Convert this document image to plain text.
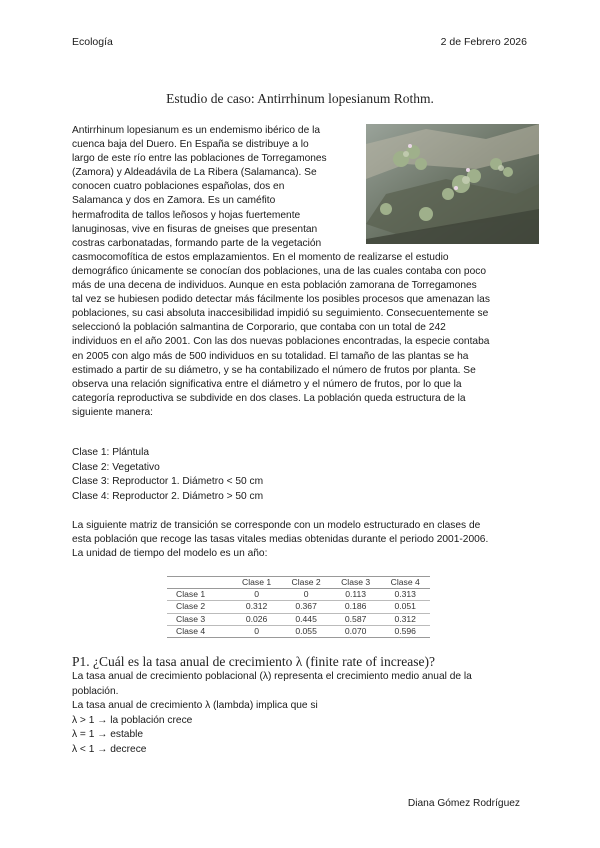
Ecología	2 de Febrero 2026
Estudio de caso: Antirrhinum lopesianum Rothm.
Antirrhinum lopesianum es un endemismo ibérico de la
cuenca baja del Duero. En España se distribuye a lo
largo de este río entre las poblaciones de Torregamones
(Zamora) y Aldeadávila de La Ribera (Salamanca). Se
conocen cuatro poblaciones españolas, dos en
Salamanca y dos en Zamora. Es un caméfito
hermafrodita de tallos leñosos y hojas fuertemente
lanuginosas, vive en fisuras de gneises que presentan
costras carbonatadas, formando parte de la vegetación
casmocomofítica de estos emplazamientos. En el momento de realizarse el estudio
demográfico únicamente se conocían dos poblaciones, una de las cuales contaba con poco
más de una decena de individuos. Aunque en esta población zamorana de Torregamones
tal vez se hubiesen podido detectar más fácilmente los posibles procesos que amenazan las
poblaciones, su casi absoluta inaccesibilidad impidió su seguimiento. Consecuentemente se
seleccionó la población salmantina de Corporario, que contaba con un total de 242
individuos en el año 2001. Con las dos nuevas poblaciones encontradas, la especie contaba
en 2005 con algo más de 500 individuos en su totalidad. El tamaño de las plantas se ha
estimado a partir de su diámetro, y se ha contabilizado el número de frutos por planta. Se
observa una relación significativa entre el diámetro y el número de frutos, por lo que la
categoría reproductiva se subdivide en dos clases. La población queda estructura de la
siguiente manera:
Clase 1: Plántula
Clase 2: Vegetativo
Clase 3: Reproductor 1. Diámetro < 50 cm
Clase 4: Reproductor 2. Diámetro > 50 cm
La siguiente matriz de transición se corresponde con un modelo estructurado en clases de
esta población que recoge las tasas vitales medias obtenidas durante el periodo 2001-2006.
La unidad de tiempo del modelo es un año:
	Clase 1	Clase 2	Clase 3	Clase 4
Clase 1	0	0	0.113	0.313
Clase 2	0.312	0.367	0.186	0.051
Clase 3	0.026	0.445	0.587	0.312
Clase 4	0	0.055	0.070	0.596
P1. ¿Cuál es la tasa anual de crecimiento λ (finite rate of increase)?
La tasa anual de crecimiento poblacional (λ) representa el crecimiento medio anual de la
población.
La tasa anual de crecimiento λ (lambda) implica que si
λ > 1 → la población crece
λ = 1 → estable
λ < 1 → decrece
Diana Gómez Rodríguez
